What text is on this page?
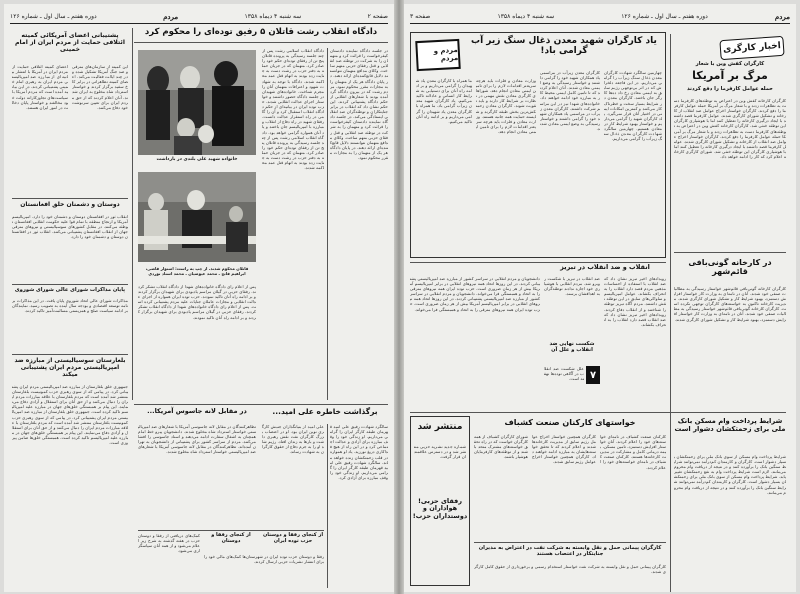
صفحه ۲
سه شنبه ۴ دیماه ۱۳۵۸
مردم
دوره هفتم ـ سال اول ـ شماره ۱۲۶
دادگاه انقلاب رشت قاتلان ۵ رفیق توده‌ای را محکوم کرد
خانواده شهید علی بلندی در بازداشت
قاتلان محکوم شدند. از چپ به راست: استوار قاضی، ابراهیم فاتح ـ محمد عیوضیان ـ محمد استاد توردی
دادگاه انقلاب اسلامی رشت پس از چند جلسه رسیدگی به پرونده قاتلان پنج تن از رفقای توده‌ای حکم خود را صادر کرد. متهمان که در جریان حمله به دفتر حزب در رشت دست به جنایت زده بودند به اتهام قتل عمد محاکمه شدند. دادگاه با توجه به شهادت شهود و اعترافات متهمان آنان را مجرم شناخت. خانواده‌های شهیدان در جلسه دادگاه حضور داشتند و خواستار اجرای عدالت انقلابی شدند. حزب توده ایران در بیانیه‌ای از حکم دادگاه انقلاب استقبال کرد و آن را گامی در راه استقرار عدالت دانست. رفقای شهید در راه دفاع از انقلاب و مبارزه با امپریالیسم جان باختند و یاد آنان همواره گرامی خواهد بود. دادگاه انقلاب اسلامی رشت پس از چند جلسه رسیدگی به پرونده قاتلان پنج تن از رفقای توده‌ای حکم خود را صادر کرد. متهمان که در جریان حمله به دفتر حزب در رشت دست به جنایت زده بودند به اتهام قتل عمد محاکمه شدند.
در جلسه دادگاه نماینده دادستان کیفرخواست را قرائت کرد و متهمان را به شرکت در توطئه ضد انقلابی و قتل رفقای حزبی متهم ساخت. وکلای مدافع متهمان نتوانستند دلایل قانع‌کننده‌ای ارائه دهند. در پایان دادگاه هر یک از متهمان را به مجازات مقرر محکوم نمود. مردم رشت که در بیرون دادگاه گرد آمده بودند با شعارهای انقلابی از حکم دادگاه پشتیبانی کردند. این حکم نشان داد که انقلاب در برابر جنایتکاران و توطئه‌گران ضد انقلابی ایستادگی می‌کند. در جلسه دادگاه نماینده دادستان کیفرخواست را قرائت کرد و متهمان را به شرکت در توطئه ضد انقلابی و قتل رفقای حزبی متهم ساخت. وکلای مدافع متهمان نتوانستند دلایل قانع‌کننده‌ای ارائه دهند. در پایان دادگاه هر یک از متهمان را به مجازات مقرر محکوم نمود.
پس از اعلام رای دادگاه خانواده‌های شهدا از دادگاه انقلاب تشکر کردند. رفقای حزبی در گیلان مراسم یادبودی برای شهیدان برگزار کردند و بر ادامه راه آنان تاکید نمودند. حزب توده ایران همواره از اجرای عدالت انقلابی و مجازات عاملان جنایات علیه مردم پشتیبانی کرده است. پس از اعلام رای دادگاه خانواده‌های شهدا از دادگاه انقلاب تشکر کردند. رفقای حزبی در گیلان مراسم یادبودی برای شهیدان برگزار کردند و بر ادامه راه آنان تاکید نمودند.
پشتیبانی اعضای آمریکائی کمیته ائتلافی حمایت از مردم ایران از امام خمینی
اعضای کمیته ائتلافی حمایت از مردم ایران در آمریکا با انتشار بیانیه‌ای از مبارزه ضد امپریالیستی مردم ایران به رهبری امام خمینی پشتیبانی کردند. در این بیانیه آمده است که مردم آمریکا با سیاست‌های تجاوزکارانه دولت خود مخالفند و خواستار پایان دخالت در امور ایران هستند.
این کمیته از سازمان‌های مترقی و ضد جنگ آمریکا تشکیل شده و در چند ایالت فعالیت می‌کند. اعضای کمیته تظاهراتی در برابر کاخ سفید برگزار کردند و خواستار استرداد شاه مخلوع به ایران شدند. آنان اعلام کردند که از حق مردم ایران برای تعیین سرنوشت خود دفاع می‌کنند.
دوستان و دشمنان خلق افغانستان
انقلاب ثور در افغانستان دوستان و دشمنان خود را دارد. امپریالیسم آمریکا و ارتجاع منطقه با تمام قوا علیه حکومت انقلابی افغانستان توطئه می‌کنند. در مقابل کشورهای سوسیالیستی و نیروهای مترقی جهان از انقلاب افغانستان پشتیبانی می‌کنند. انقلاب ثور در افغانستان دوستان و دشمنان خود را دارد.
پایان مذاکرات شورای عالی شورای شوروی
مذاکرات شورای عالی اتحاد شوروی پایان یافت. در این مذاکرات برنامه توسعه اقتصادی و بودجه سال آینده به تصویب رسید. نمایندگان بر ادامه سیاست صلح و همزیستی مسالمت‌آمیز تاکید کردند.
بلغارستان سوسیالیستی از مبارزه ضد امپریالیستی مردم ایران پشتیبانی میکند
جمهوری خلق بلغارستان از مبارزه ضد امپریالیستی مردم ایران پشتیبانی کرد. در پیامی که از سوی رهبری حزب کمونیست بلغارستان منتشر شد آمده است که مردم بلغارستان با علاقه مبارزات مردم ایران را دنبال می‌کنند و از حق آنان برای استقلال و آزادی دفاع می‌نمایند. این پیام بر همبستگی خلق‌های جهان در مبارزه علیه امپریالیسم تاکید کرده است. جمهوری خلق بلغارستان از مبارزه ضد امپریالیستی مردم ایران پشتیبانی کرد. در پیامی که از سوی رهبری حزب کمونیست بلغارستان منتشر شد آمده است که مردم بلغارستان با علاقه مبارزات مردم ایران را دنبال می‌کنند و از حق آنان برای استقلال و آزادی دفاع می‌نمایند. این پیام بر همبستگی خلق‌های جهان در مبارزه علیه امپریالیسم تاکید کرده است. همبستگی خلق‌ها ضامن پیروزی است.
برگذاشت خاطره علی امید...
در مقابل لانه جاسوس آمریکا...
سالگرد شهادت رفیق علی امید قهرمان طبقه کارگر ایران را گرامی می‌داریم. او زندگی خود را وقف مبارزه برای آزادی و عدالت اجتماعی کرد و در این راه از هیچ فداکاری دریغ نورزید. یاد او همواره در قلب زحمتکشان زنده خواهد ماند. سالگرد شهادت رفیق علی امید قهرمان طبقه کارگر ایران را گرامی می‌داریم. او زندگی خود را وقف مبارزه برای آزادی کرد.
علی امید از بنیانگذاران جنبش کارگری نوین ایران بود. او در اعتصاب بزرگ کارگران نفت نقش رهبری داشت و بارها به زندان افتاد. رژیم شاه او را به جرم دفاع از حقوق کارگران به شهادت رساند.
تظاهرکنندگان در مقابل لانه جاسوسی آمریکا با شعارهای ضد امپریالیستی خواستار استرداد شاه مخلوع شدند. دانشجویان پیرو خط امام همچنان به اشغال سفارت ادامه می‌دهند و اسناد جاسوسی را افشا می‌کنند. مردم از سراسر کشور برای پشتیبانی از دانشجویان به تهران آمده‌اند. تظاهرکنندگان در مقابل لانه جاسوسی آمریکا با شعارهای ضد امپریالیستی خواستار استرداد شاه مخلوع شدند.
از کنجای رفقا و دوستان حزب توده ایران
از کنجای رفقا و دوستان
رفقا و دوستان حزب توده ایران در شهرستان‌ها کمک‌های مالی خود را برای انتشار نشریات حزبی ارسال کردند.
کمک‌های دریافتی از رفقا و دوستان حزب در هفته گذشته به شرح زیر اعلام می‌شود و از همه آنان سپاسگزاری می‌شود.
مردم
دوره هفتم ـ سال اول ـ شماره ۱۲۶
سه شنبه ۴ دیماه ۱۳۵۸
صفحه ۳
اخبار کارگری
کارگران کفش وین با شعار
مرگ بر آمریکا
حمله عوامل کارفرما را دفع کردند
کارگران کارخانه کفش وین در اعتراض به توطئه‌های کارفرما دست به تظاهرات زدند و با شعار مرگ بر آمریکا حمله عوامل کارفرما را دفع کردند. کارگران خواستار اخراج عوامل ضد انقلاب از کارخانه و تشکیل شورای کارگری شدند. عوامل کارفرما قصد داشتند با ایجاد درگیری کارخانه را تعطیل کنند اما با هوشیاری کارگران این توطئه خنثی شد. کارگران کارخانه کفش وین در اعتراض به توطئه‌های کارفرما دست به تظاهرات زدند و با شعار مرگ بر آمریکا حمله عوامل کارفرما را دفع کردند. کارگران خواستار اخراج عوامل ضد انقلاب از کارخانه و تشکیل شورای کارگری شدند. عوامل کارفرما قصد داشتند با ایجاد درگیری کارخانه را تعطیل کنند اما با هوشیاری کارگران این توطئه خنثی شد. شورای کارگری کارخانه اعلام کرد که کار را ادامه خواهد داد.
یاد کارگران شهید معدن ذغال سنگ زیر آب گرامی باد!
مردم و مردم
چهارمین سالگرد شهادت کارگران معدن ذغال سنگ زیرآب را گرامی می‌داریم. در این فاجعه دلخراش که در اثر بی‌توجهی رژیم سابق به ایمنی معادن رخ داد ده‌ها کارگر جان باختند. کارگران معدن در شرایط بسیار سخت و خطرناک کار می‌کنند و کمترین امکانات ایمنی در اختیار آنان قرار نمی‌گیرد. یاد کارگران شهید را گرامی می‌داریم و خواستار بهبود شرایط کار در معادن هستیم. چهارمین سالگرد شهادت کارگران معدن ذغال سنگ زیرآب را گرامی می‌داریم.
کارگران معدن زیرآب در مراسمی یاد همکاران شهید خود را گرامی داشتند و خواستار رسیدگی به وضع ایمنی معادن شدند. آنان اعلام کردند که تا تامین کامل ایمنی محیط کار به مبارزه خود ادامه خواهند داد. خانواده‌های شهدا نیز در این مراسم شرکت داشتند. کارگران معدن زیرآب در مراسمی یاد همکاران شهید خود را گرامی داشتند و خواستار رسیدگی به وضع ایمنی معادن شدند.
وزارت معادن و فلزات باید هرچه سریعتر اقدامات لازم را برای تامین ایمنی معادن انجام دهد. شوراهای کارگری معادن نقش مهمی در نظارت بر شرایط کار دارند و باید تقویت شوند. کارگران معادن زحمتکش‌ترین بخش طبقه کارگرند و شایسته حمایت همه جانبه هستند. وزارت معادن و فلزات باید هرچه سریعتر اقدامات لازم را برای تامین ایمنی معادن انجام دهد.
ما همراه با کارگران معدن یاد شهیدان را گرامی می‌داریم و بر ادامه راه آنان برای دستیابی به شرایط کار انسانی و عادلانه تاکید می‌کنیم. یاد کارگران شهید معدن زیرآب گرامی باد. ما همراه با کارگران معدن یاد شهیدان را گرامی می‌داریم و بر ادامه راه آنان تاکید می‌کنیم.
انقلاب و ضد انقلاب در تبریز
رویدادهای اخیر تبریز نشان داد که ضد انقلاب با استفاده از احساسات مذهبی مردم قصد دارد انقلاب را به انحراف بکشاند. عوامل امپریالیسم و ساواکی‌های سابق در این توطئه نقش داشتند. مردم آگاه تبریز توطئه را شناختند و از انقلاب دفاع کردند. رویدادهای اخیر تبریز نشان داد که ضد انقلاب قصد دارد انقلاب را به انحراف بکشاند.
ضد انقلاب در تبریز با شکست روبرو شد. مردم انقلابی با هوشیاری خود اجازه ندادند توطئه‌گران به اهدافشان برسند.
شکست نهایی ضد انقلاب و علل آن
۷
علل شکست ضد انقلاب در آگاهی توده‌ها نهفته است.
دانشجویان و مردم انقلابی در سراسر کشور از مبارزه ضد امپریالیستی پشتیبانی کردند. در این روزها اتحاد همه نیروهای انقلابی در برابر امپریالیسم آمریکا بیش از هر زمان ضروری است. حزب توده ایران همه نیروهای مترقی را به اتحاد و همبستگی فرا می‌خواند. دانشجویان و مردم انقلابی در سراسر کشور از مبارزه ضد امپریالیستی پشتیبانی کردند. در این روزها اتحاد همه نیروهای انقلابی در برابر امپریالیسم آمریکا بیش از هر زمان ضروری است. حزب توده ایران همه نیروهای مترقی را به اتحاد و همبستگی فرا می‌خواند.
در کارخانه گونی‌بافی قائم‌شهر
کارگران کارخانه گونی‌بافی قائم‌شهر خواستار رسیدگی به مطالبات صنفی خود شدند. آنان در نامه‌ای به وزارت کار خواستار افزایش دستمزد، بهبود شرایط کار و تشکیل شورای کارگری شدند. مدیریت کارخانه تاکنون به خواسته‌های کارگران توجهی نکرده است. کارگران کارخانه گونی‌بافی قائم‌شهر خواستار رسیدگی به مطالبات صنفی خود شدند. آنان در نامه‌ای به وزارت کار خواستار افزایش دستمزد، بهبود شرایط کار و تشکیل شورای کارگری شدند.
خواستهای کارکنان صنعت کشباف
کارکنان صنعت کشباف در نامه‌ای خواسته‌های خود را اعلام کردند. آنان خواستار افزایش دستمزد، تامین مسکن، بیمه درمانی کامل و مشارکت در مدیریت کارخانه‌ها هستند. کارکنان صنعت کشباف در نامه‌ای خواسته‌های خود را اعلام کردند.
کارگران همچنین خواستار اخراج عوامل رژیم سابق از مدیریت کارخانه‌ها شدند و اعلام کردند که تا تحقق خواسته‌هایشان به مبارزه ادامه خواهند داد. کارگران همچنین خواستار اخراج عوامل رژیم سابق شدند.
شورای کارگران کشباف از همه کارگران خواست که در راه تحقق خواسته‌های مشترک متحد باشند و از توطئه‌های کارفرمایان هوشیار باشند.
منتشر شد
شماره جدید نشریه حزبی منتشر شد و در دسترس علاقمندان قرار گرفت.
رفقای حزبی! هواداران و دوستداران حزب!
شرایط پرداخت وام مسکن بانک ملی برای زحمتکشان دشوار است
شرایط پرداخت وام مسکن از سوی بانک ملی برای زحمتکشان بسیار دشوار است. کارگران و کارمندان کم‌درآمد نمی‌توانند شرایط سنگین بانک را برآورده کنند و در نتیجه از دریافت وام محروم می‌مانند. لازم است شرایط پرداخت وام به نفع زحمتکشان تغییر یابد. شرایط پرداخت وام مسکن از سوی بانک ملی برای زحمتکشان بسیار دشوار است. کارگران و کارمندان کم‌درآمد نمی‌توانند شرایط سنگین بانک را برآورده کنند و در نتیجه از دریافت وام محروم می‌مانند.
کارگران پیمانی حمل و نقل وابسته به شرکت نفت در اعتراض به مدیران جنایتکار در اعتصاب هستند
کارگران پیمانی حمل و نقل وابسته به شرکت نفت خواستار استخدام رسمی و برخورداری از حقوق کامل کارگری شدند.
